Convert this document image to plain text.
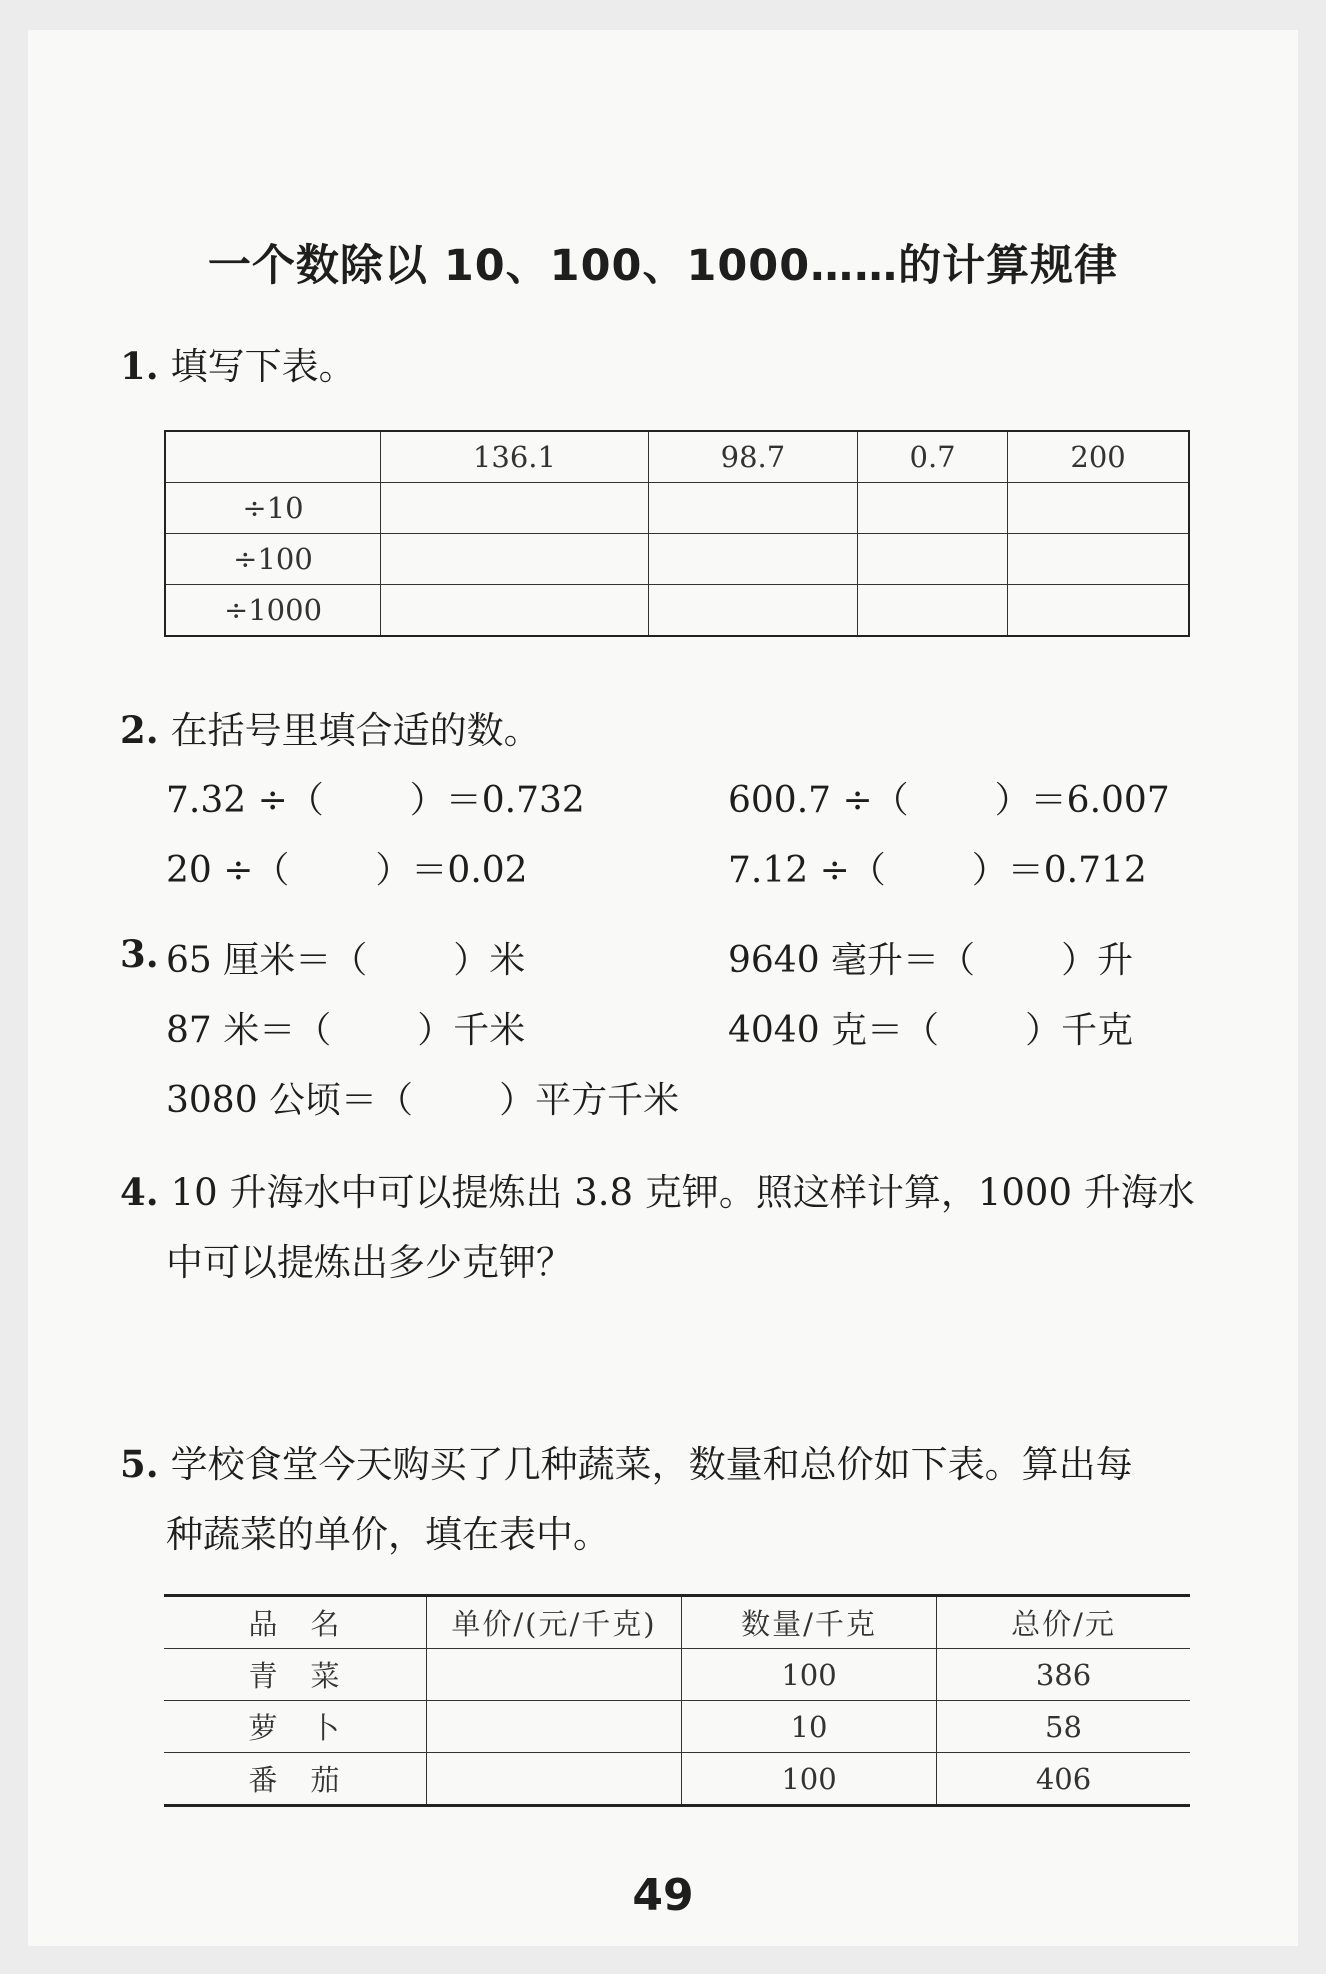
一个数除以 10、100、1000……的计算规律
1. 填写下表。
	136.1	98.7	0.7	200
÷10				
÷100				
÷1000				
2. 在括号里填合适的数。
7.32 ÷（ ）＝0.732	600.7 ÷（ ）＝6.007
20 ÷（ ）＝0.02	7.12 ÷（ ）＝0.712
3. 65 厘米＝（ ）米	9640 毫升＝（ ）升
87 米＝（ ）千米	4040 克＝（ ）千克
3080 公顷＝（ ）平方千米
4. 10 升海水中可以提炼出 3.8 克钾。照这样计算，1000 升海水
中可以提炼出多少克钾？
5. 学校食堂今天购买了几种蔬菜，数量和总价如下表。算出每
种蔬菜的单价，填在表中。
品　名	单价/(元/千克)	数量/千克	总价/元
青　菜		100	386
萝　卜		10	58
番　茄		100	406
49
